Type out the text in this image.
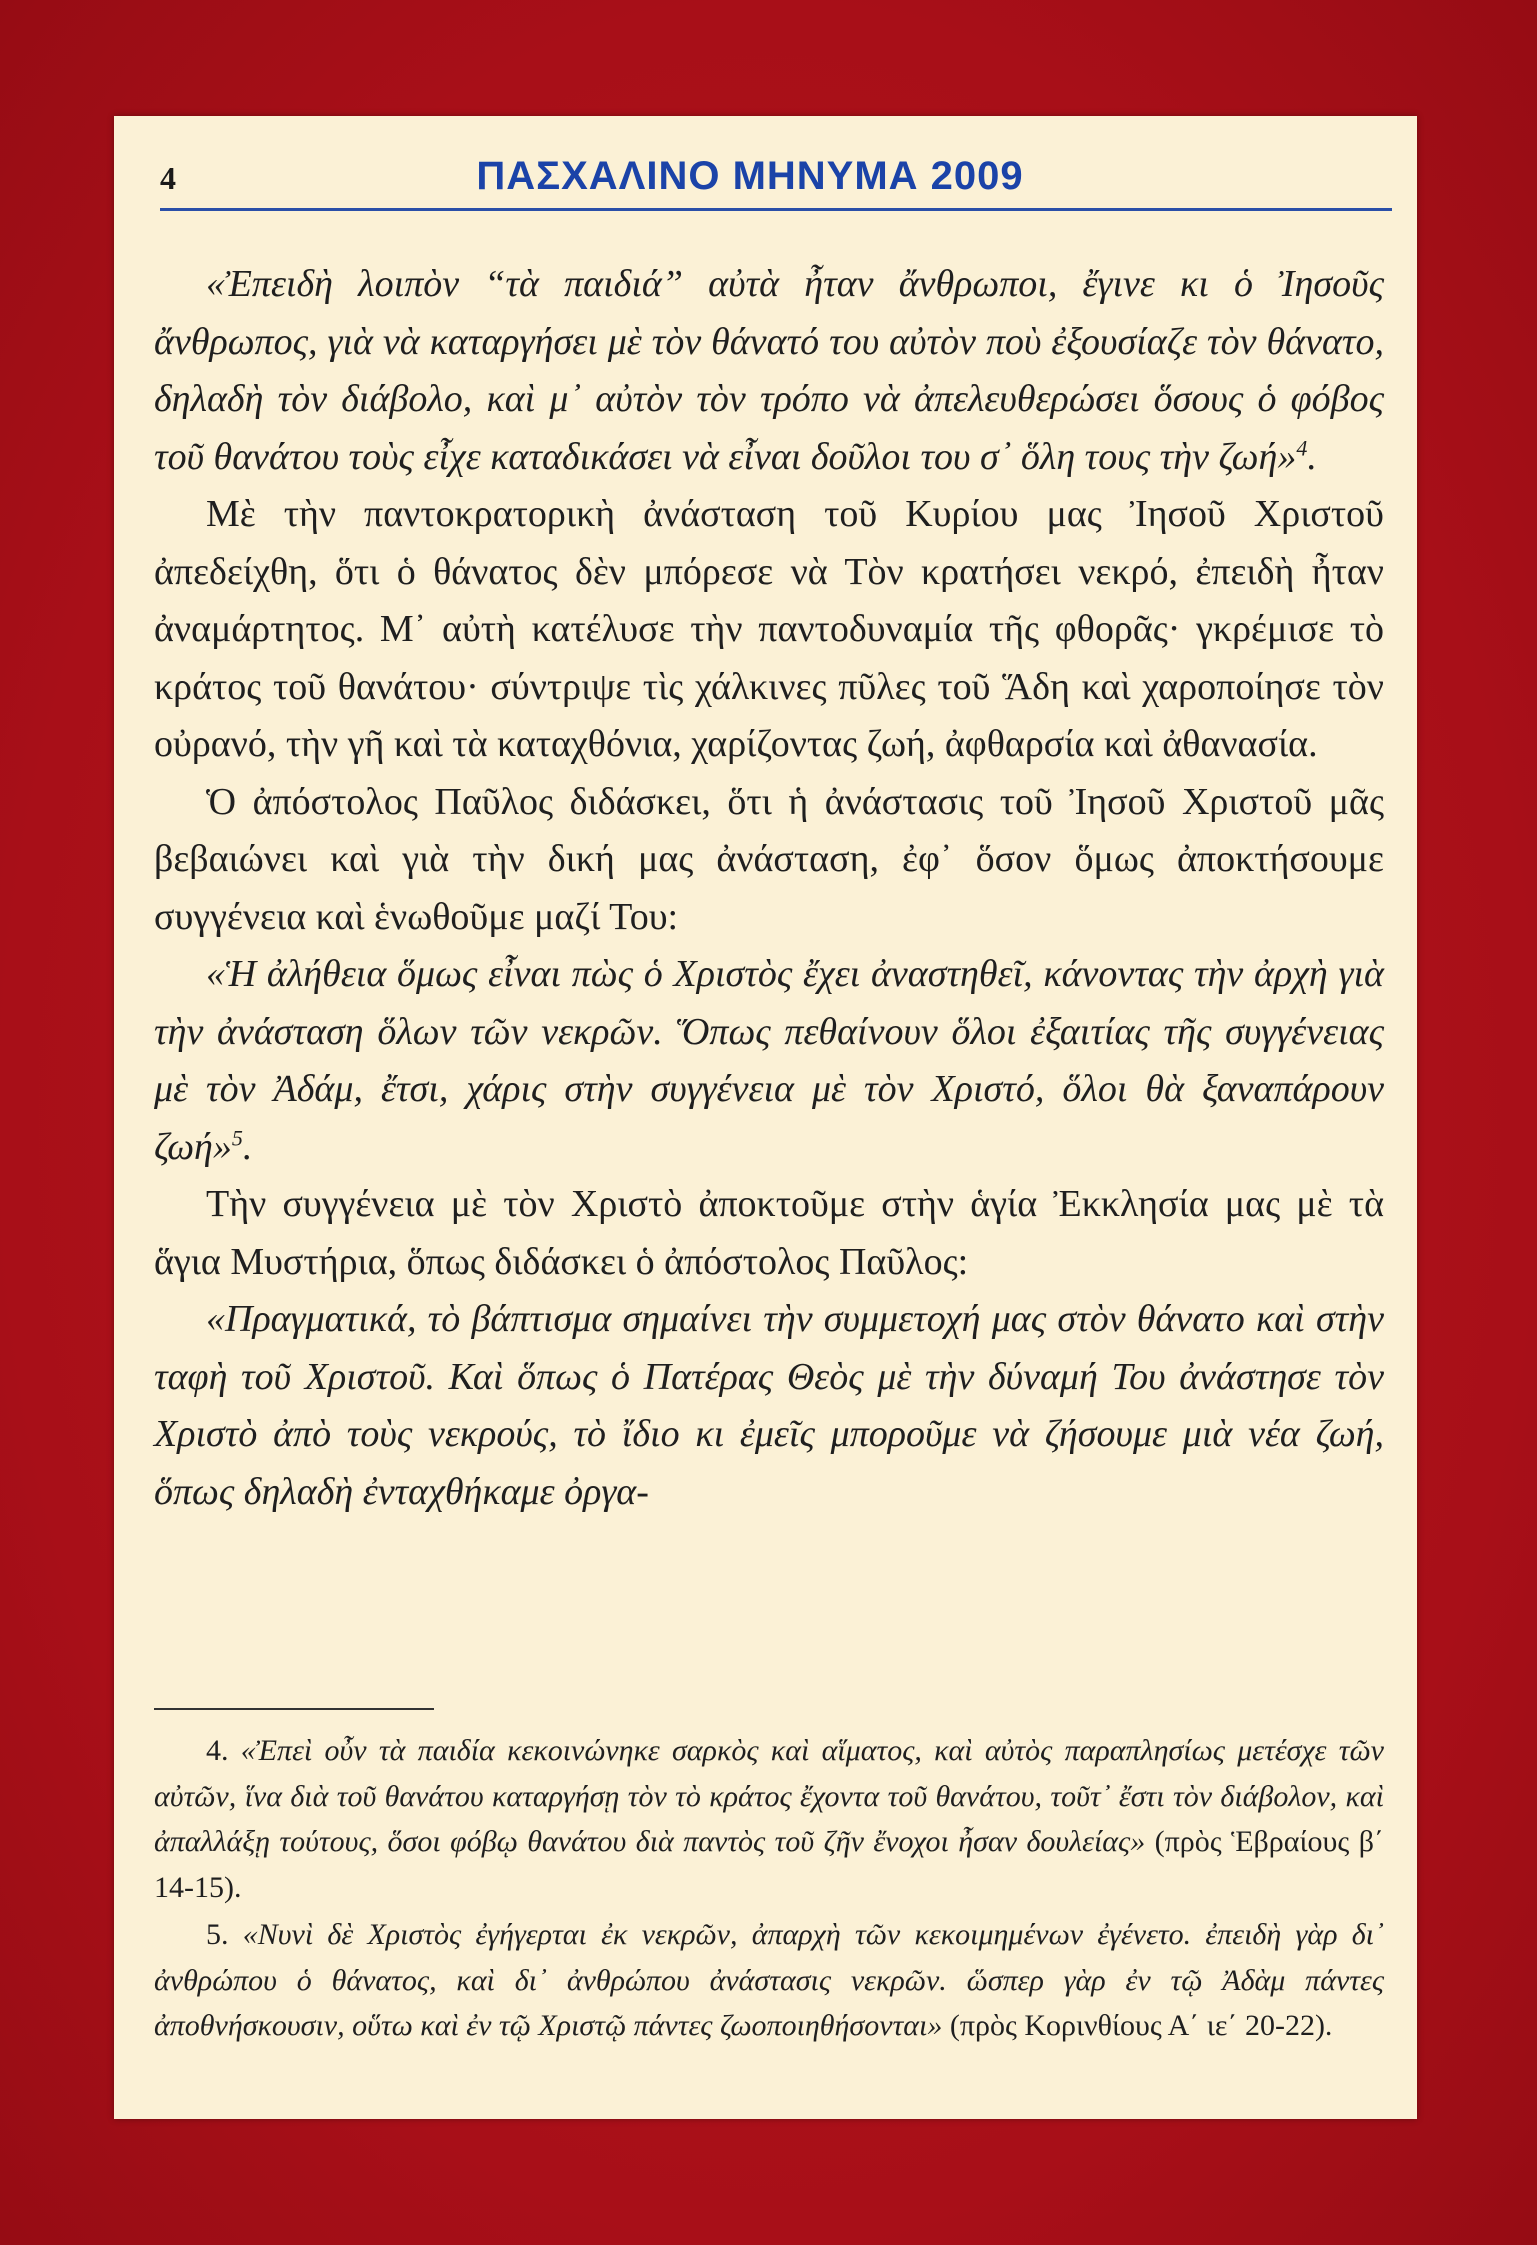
4	ΠΑΣΧΑΛΙΝΟ ΜΗΝΥΜΑ 2009

«Ἐπειδὴ λοιπὸν “τὰ παιδιά” αὐτὰ ἦταν ἄνθρωποι, ἔγινε κι ὁ Ἰησοῦς ἄνθρωπος, γιὰ νὰ καταργήσει μὲ τὸν θάνατό του αὐτὸν ποὺ ἐξουσίαζε τὸν θάνατο, δηλαδὴ τὸν διάβολο, καὶ μ᾽ αὐτὸν τὸν τρόπο νὰ ἀπελευθερώσει ὅσους ὁ φόβος τοῦ θανάτου τοὺς εἶχε καταδικάσει νὰ εἶναι δοῦλοι του σ᾽ ὅλη τους τὴν ζωή»$^4$.

Μὲ τὴν παντοκρατορικὴ ἀνάσταση τοῦ Κυρίου μας Ἰησοῦ Χριστοῦ ἀπεδείχθη, ὅτι ὁ θάνατος δὲν μπόρεσε νὰ Τὸν κρατήσει νεκρό, ἐπειδὴ ἦταν ἀναμάρτητος. Μ᾽ αὐτὴ κατέλυσε τὴν παντοδυναμία τῆς φθορᾶς· γκρέμισε τὸ κράτος τοῦ θανάτου· σύντριψε τὶς χάλκινες πῦλες τοῦ Ἅδη καὶ χαροποίησε τὸν οὐρανό, τὴν γῆ καὶ τὰ καταχθόνια, χαρίζοντας ζωή, ἀφθαρσία καὶ ἀθανασία.

Ὁ ἀπόστολος Παῦλος διδάσκει, ὅτι ἡ ἀνάστασις τοῦ Ἰησοῦ Χριστοῦ μᾶς βεβαιώνει καὶ γιὰ τὴν δική μας ἀνάσταση, ἐφ᾽ ὅσον ὅμως ἀποκτήσουμε συγγένεια καὶ ἑνωθοῦμε μαζί Του:

«Ἡ ἀλήθεια ὅμως εἶναι πὼς ὁ Χριστὸς ἔχει ἀναστηθεῖ, κάνοντας τὴν ἀρχὴ γιὰ τὴν ἀνάσταση ὅλων τῶν νεκρῶν. Ὅπως πεθαίνουν ὅλοι ἐξαιτίας τῆς συγγένειας μὲ τὸν Ἀδάμ, ἔτσι, χάρις στὴν συγγένεια μὲ τὸν Χριστό, ὅλοι θὰ ξαναπάρουν ζωή»$^5$.

Τὴν συγγένεια μὲ τὸν Χριστὸ ἀποκτοῦμε στὴν ἁγία Ἐκκλησία μας μὲ τὰ ἅγια Μυστήρια, ὅπως διδάσκει ὁ ἀπόστολος Παῦλος:

«Πραγματικά, τὸ βάπτισμα σημαίνει τὴν συμμετοχή μας στὸν θάνατο καὶ στὴν ταφὴ τοῦ Χριστοῦ. Καὶ ὅπως ὁ Πατέρας Θεὸς μὲ τὴν δύναμή Του ἀνάστησε τὸν Χριστὸ ἀπὸ τοὺς νεκρούς, τὸ ἴδιο κι ἐμεῖς μποροῦμε νὰ ζήσουμε μιὰ νέα ζωή, ὅπως δηλαδὴ ἐνταχθήκαμε ὀργα-

4. «Ἐπεὶ οὖν τὰ παιδία κεκοινώνηκε σαρκὸς καὶ αἵματος, καὶ αὐτὸς παραπλησίως μετέσχε τῶν αὐτῶν, ἵνα διὰ τοῦ θανάτου καταργήσῃ τὸν τὸ κράτος ἔχοντα τοῦ θανάτου, τοῦτ᾽ ἔστι τὸν διάβολον, καὶ ἀπαλλάξῃ τούτους, ὅσοι φόβῳ θανάτου διὰ παντὸς τοῦ ζῆν ἔνοχοι ἦσαν δουλείας» (πρὸς Ἑβραίους β΄ 14-15).

5. «Νυνὶ δὲ Χριστὸς ἐγήγερται ἐκ νεκρῶν, ἀπαρχὴ τῶν κεκοιμημένων ἐγένετο. ἐπειδὴ γὰρ δι᾽ ἀνθρώπου ὁ θάνατος, καὶ δι᾽ ἀνθρώπου ἀνάστασις νεκρῶν. ὥσπερ γὰρ ἐν τῷ Ἀδὰμ πάντες ἀποθνήσκουσιν, οὕτω καὶ ἐν τῷ Χριστῷ πάντες ζωοποιηθήσονται» (πρὸς Κορινθίους Α΄ ιε΄ 20-22).
